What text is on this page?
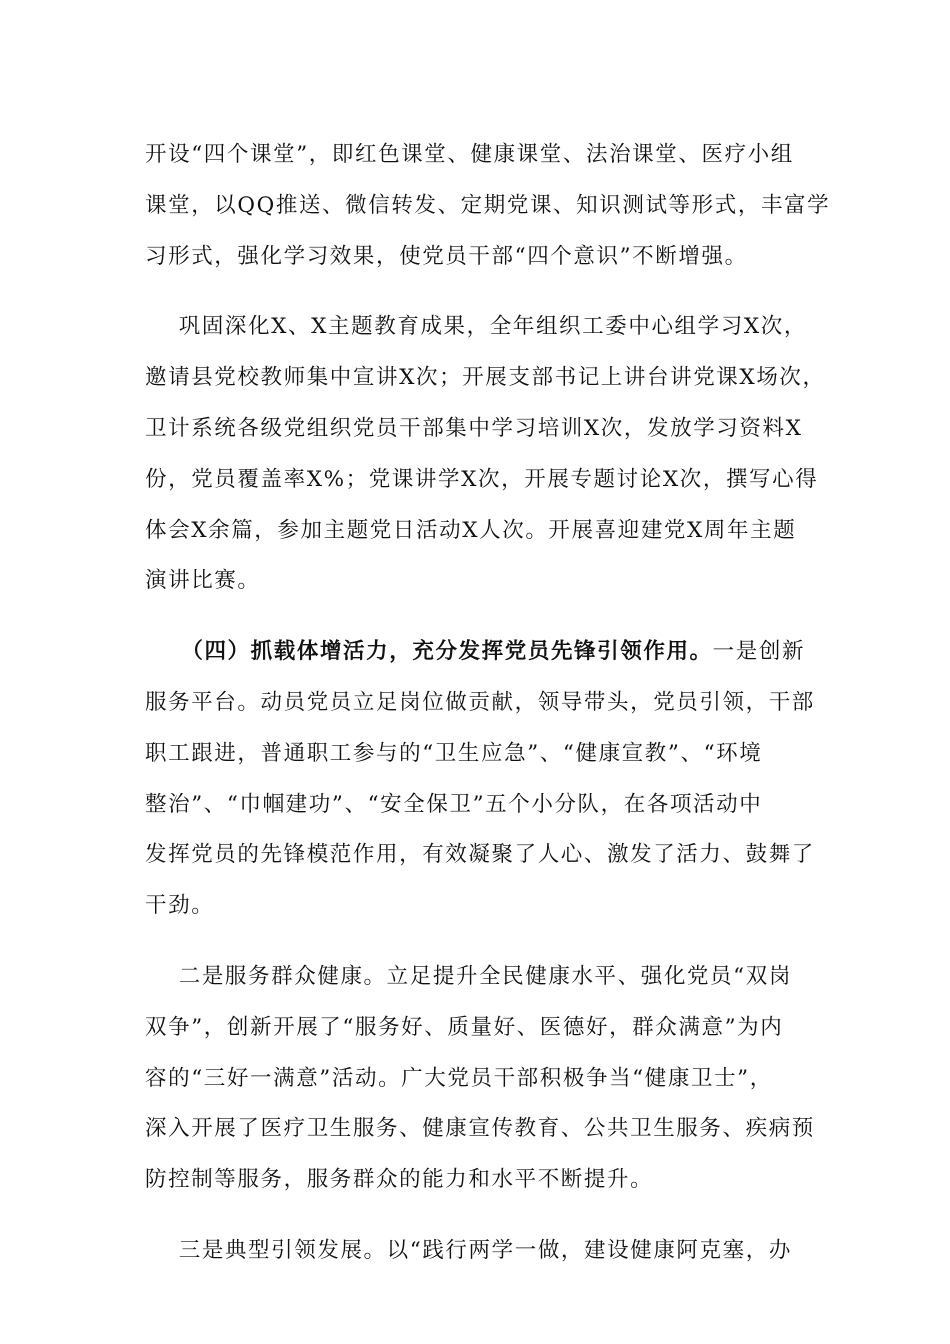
开设“四个课堂”，即红色课堂、健康课堂、法治课堂、医疗小组
课堂，以QQ推送、微信转发、定期党课、知识测试等形式，丰富学
习形式，强化学习效果，使党员干部“四个意识”不断增强。

巩固深化X、X主题教育成果，全年组织工委中心组学习X次，
邀请县党校教师集中宣讲X次；开展支部书记上讲台讲党课X场次，
卫计系统各级党组织党员干部集中学习培训X次，发放学习资料X
份，党员覆盖率X%；党课讲学X次，开展专题讨论X次，撰写心得
体会X余篇，参加主题党日活动X人次。开展喜迎建党X周年主题
演讲比赛。

（四）抓载体增活力，充分发挥党员先锋引领作用。一是创新
服务平台。动员党员立足岗位做贡献，领导带头，党员引领，干部
职工跟进，普通职工参与的“卫生应急”、“健康宣教”、“环境
整治”、“巾帼建功”、“安全保卫”五个小分队，在各项活动中
发挥党员的先锋模范作用，有效凝聚了人心、激发了活力、鼓舞了
干劲。

二是服务群众健康。立足提升全民健康水平、强化党员“双岗
双争”，创新开展了“服务好、质量好、医德好，群众满意”为内
容的“三好一满意”活动。广大党员干部积极争当“健康卫士”，
深入开展了医疗卫生服务、健康宣传教育、公共卫生服务、疾病预
防控制等服务，服务群众的能力和水平不断提升。

三是典型引领发展。以“践行两学一做，建设健康阿克塞，办
